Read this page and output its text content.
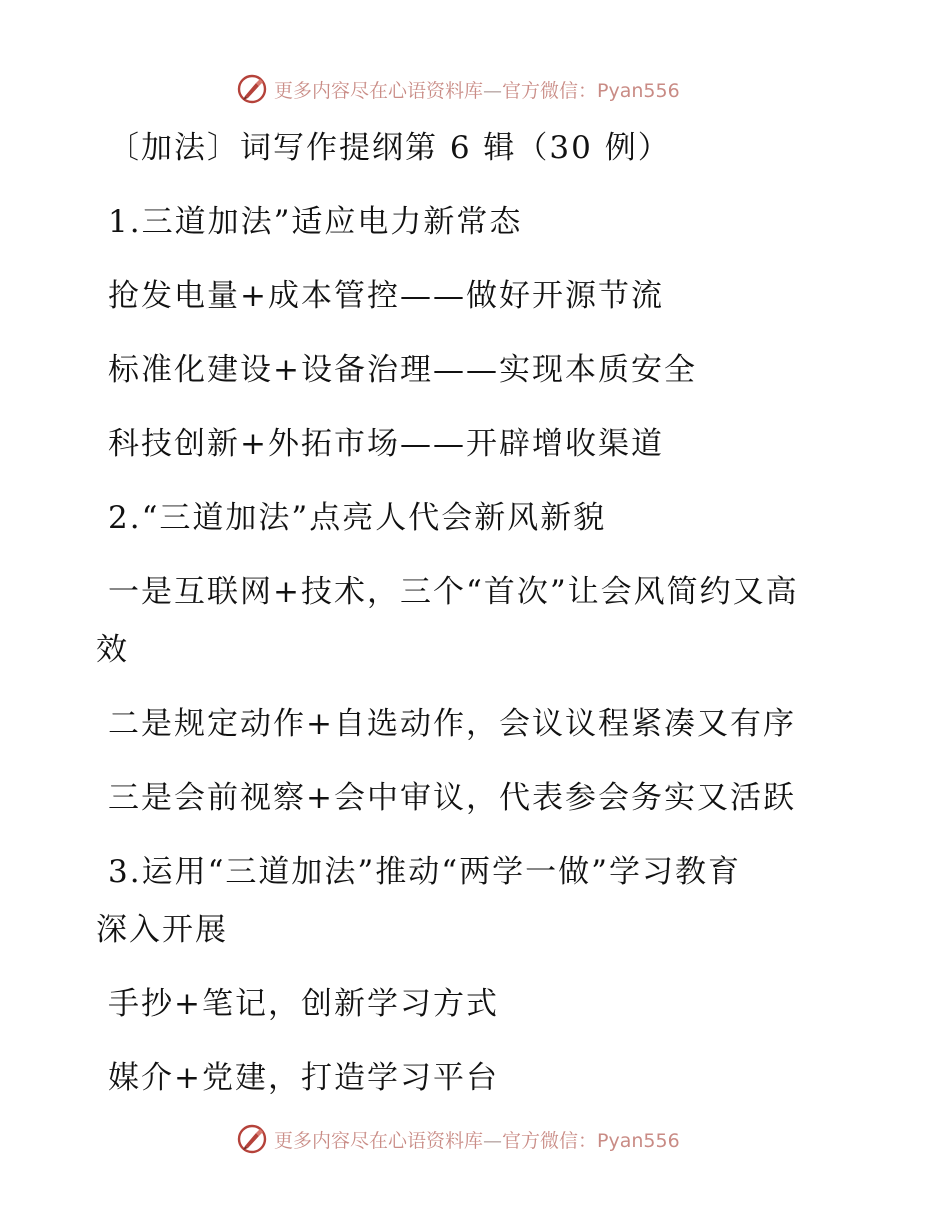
更多内容尽在心语资料库—官方微信：Pyan556
〔加法〕词写作提纲第 6 辑（30 例）
1.三道加法”适应电力新常态
抢发电量+成本管控——做好开源节流
标准化建设+设备治理——实现本质安全
科技创新+外拓市场——开辟增收渠道
2.“三道加法”点亮人代会新风新貌
一是互联网+技术，三个“首次”让会风简约又高
效
二是规定动作+自选动作，会议议程紧凑又有序
三是会前视察+会中审议，代表参会务实又活跃
3.运用“三道加法”推动“两学一做”学习教育
深入开展
手抄+笔记，创新学习方式
媒介+党建，打造学习平台
更多内容尽在心语资料库—官方微信：Pyan556
